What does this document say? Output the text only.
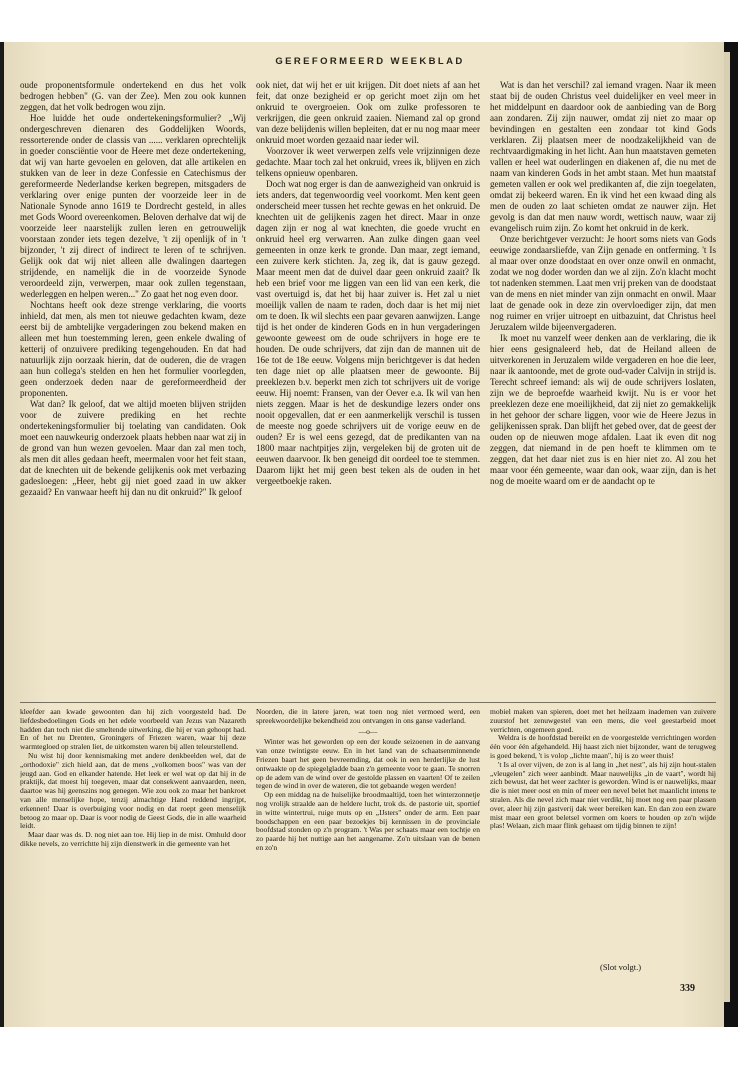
GEREFORMEERD WEEKBLAD

oude proponentsformule ondertekend en dus het volk bedrogen hebben" (G. van der Zee). Men zou ook kunnen zeggen, dat het volk bedrogen wou zijn.

Hoe luidde het oude ondertekeningsformulier? „Wij ondergeschreven dienaren des Goddelijken Woords, ressorterende onder de classis van ...... verklaren oprechtelijk in goeder consciëntie voor de Heere met deze ondertekening, dat wij van harte gevoelen en geloven, dat alle artikelen en stukken van de leer in deze Confessie en Catechismus der gereformeerde Nederlandse kerken begrepen, mitsgaders de verklaring over enige punten der voorzeide leer in de Nationale Synode anno 1619 te Dordrecht gesteld, in alles met Gods Woord overeenkomen. Beloven derhalve dat wij de voorzeide leer naarstelijk zullen leren en getrouwelijk voorstaan zonder iets tegen dezelve, 't zij openlijk of in 't bijzonder, 't zij direct of indirect te leren of te schrijven. Gelijk ook dat wij niet alleen alle dwalingen daartegen strijdende, en namelijk die in de voorzeide Synode veroordeeld zijn, verwerpen, maar ook zullen tegenstaan, wederleggen en helpen weren..." Zo gaat het nog even door.

Nochtans heeft ook deze strenge verklaring, die voorts inhield, dat men, als men tot nieuwe gedachten kwam, deze eerst bij de ambtelijke vergaderingen zou bekend maken en alleen met hun toestemming leren, geen enkele dwaling of ketterij of onzuivere prediking tegengehouden. En dat had natuurlijk zijn oorzaak hierin, dat de ouderen, die de vragen aan hun collega's stelden en hen het formulier voorlegden, geen onderzoek deden naar de gereformeerdheid der proponenten.

Wat dan? Ik geloof, dat we altijd moeten blijven strijden voor de zuivere prediking en het rechte ondertekeningsformulier bij toelating van candidaten. Ook moet een nauwkeurig onderzoek plaats hebben naar wat zij in de grond van hun wezen gevoelen. Maar dan zal men toch, als men dit alles gedaan heeft, meermalen voor het feit staan, dat de knechten uit de bekende gelijkenis ook met verbazing gadesloegen: „Heer, hebt gij niet goed zaad in uw akker gezaaid? En vanwaar heeft hij dan nu dit onkruid?" Ik geloof

ook niet, dat wij het er uit krijgen. Dit doet niets af aan het feit, dat onze bezigheid er op gericht moet zijn om het onkruid te overgroeien. Ook om zulke professoren te verkrijgen, die geen onkruid zaaien. Niemand zal op grond van deze belijdenis willen bepleiten, dat er nu nog maar meer onkruid moet worden gezaaid naar ieder wil.

Voorzover ik weet verwerpen zelfs vele vrijzinnigen deze gedachte. Maar toch zal het onkruid, vrees ik, blijven en zich telkens opnieuw openbaren.

Doch wat nog erger is dan de aanwezigheid van onkruid is iets anders, dat tegenwoordig veel voorkomt. Men kent geen onderscheid meer tussen het rechte gewas en het onkruid. De knechten uit de gelijkenis zagen het direct. Maar in onze dagen zijn er nog al wat knechten, die goede vrucht en onkruid heel erg verwarren. Aan zulke dingen gaan veel gemeenten in onze kerk te gronde. Dan maar, zegt iemand, een zuivere kerk stichten. Ja, zeg ik, dat is gauw gezegd. Maar meent men dat de duivel daar geen onkruid zaait? Ik heb een brief voor me liggen van een lid van een kerk, die vast overtuigd is, dat het bij haar zuiver is. Het zal u niet moeilijk vallen de naam te raden, doch daar is het mij niet om te doen. Ik wil slechts een paar gevaren aanwijzen. Lange tijd is het onder de kinderen Gods en in hun vergaderingen gewoonte geweest om de oude schrijvers in hoge ere te houden. De oude schrijvers, dat zijn dan de mannen uit de 16e tot de 18e eeuw. Volgens mijn berichtgever is dat heden ten dage niet op alle plaatsen meer de gewoonte. Bij preeklezen b.v. beperkt men zich tot schrijvers uit de vorige eeuw. Hij noemt: Fransen, van der Oever e.a. Ik wil van hen niets zeggen. Maar is het de deskundige lezers onder ons nooit opgevallen, dat er een aanmerkelijk verschil is tussen de meeste nog goede schrijvers uit de vorige eeuw en de ouden? Er is wel eens gezegd, dat de predikanten van na 1800 maar nachtpitjes zijn, vergeleken bij de groten uit de eeuwen daarvoor. Ik ben geneigd dit oordeel toe te stemmen. Daarom lijkt het mij geen best teken als de ouden in het vergeetboekje raken.

Wat is dan het verschil? zal iemand vragen. Naar ik meen staat bij de ouden Christus veel duidelijker en veel meer in het middelpunt en daardoor ook de aanbieding van de Borg aan zondaren. Zij zijn nauwer, omdat zij niet zo maar op bevindingen en gestalten een zondaar tot kind Gods verklaren. Zij plaatsen meer de noodzakelijkheid van de rechtvaardigmaking in het licht. Aan hun maatstaven gemeten vallen er heel wat ouderlingen en diakenen af, die nu met de naam van kinderen Gods in het ambt staan. Met hun maatstaf gemeten vallen er ook wel predikanten af, die zijn toegelaten, omdat zij bekeerd waren. En ik vind het een kwaad ding als men de ouden zo laat schieten omdat ze nauwer zijn. Het gevolg is dan dat men nauw wordt, wettisch nauw, waar zij evangelisch ruim zijn. Zo komt het onkruid in de kerk.

Onze berichtgever verzucht: Je hoort soms niets van Gods eeuwige zondaarsliefde, van Zijn genade en ontferming. 't Is al maar over onze doodstaat en over onze onwil en onmacht, zodat we nog doder worden dan we al zijn. Zo'n klacht mocht tot nadenken stemmen. Laat men vrij preken van de doodstaat van de mens en niet minder van zijn onmacht en onwil. Maar laat de genade ook in deze zin overvloediger zijn, dat men nog ruimer en vrijer uitroept en uitbazuint, dat Christus heel Jeruzalem wilde bijeenvergaderen.

Ik moet nu vanzelf weer denken aan de verklaring, die ik hier eens gesignaleerd heb, dat de Heiland alleen de uitverkorenen in Jeruzalem wilde vergaderen en hoe die leer, naar ik aantoonde, met de grote oud-vader Calvijn in strijd is. Terecht schreef iemand: als wij de oude schrijvers loslaten, zijn we de beproefde waarheid kwijt. Nu is er voor het preeklezen deze ene moeilijkheid, dat zij niet zo gemakkelijk in het gehoor der schare liggen, voor wie de Heere Jezus in gelijkenissen sprak. Dan blijft het gebed over, dat de geest der ouden op de nieuwen moge afdalen. Laat ik even dit nog zeggen, dat niemand in de pen hoeft te klimmen om te zeggen, dat het daar niet zus is en hier niet zo. Al zou het maar voor één gemeente, waar dan ook, waar zijn, dan is het nog de moeite waard om er de aandacht op te

kleefder aan kwade gewoonten dan hij zich voorgesteld had. De liefdesbedoelingen Gods en het edele voorbeeld van Jezus van Nazareth hadden dan toch niet die smeltende uitwerking, die hij er van gehoopt had. En of het nu Drenten, Groningers of Friezen waren, waar hij deze warmtegloed op stralen liet, de uitkomsten waren bij allen teleurstellend.

Nu wist hij door kennismaking met andere denkbeelden wel, dat de „orthodoxie" zich hield aan, dat de mens „volkomen boos" was van der jeugd aan. God en elkander hatende. Het leek er wel wat op dat hij in de praktijk, dat moest hij toegeven, maar dat consekwent aanvaarden, neen, daartoe was hij geenszins nog genegen. Wie zou ook zo maar het bankroet van alle menselijke hope, tenzij almachtige Hand reddend ingrijpt, erkennen! Daar is overbuiging voor nodig en dat roept geen menselijk betoog zo maar op. Daar is voor nodig de Geest Gods, die in alle waarheid leidt.

Maar daar was ds. D. nog niet aan toe. Hij liep in de mist. Omhuld door dikke nevels, zo verrichtte hij zijn dienstwerk in die gemeente van het

Noorden, die in latere jaren, wat toen nog niet vermoed werd, een spreekwoordelijke bekendheid zou ontvangen in ons ganse vaderland.

—o—

Winter was het geworden op een der koude seizoenen in de aanvang van onze twintigste eeuw. En in het land van de schaatsenminnende Friezen baart het geen bevreemding, dat ook in een herderlijke de lust ontwaakte op de spiegelgladde baan z'n gemeente voor te gaan. Te snorren op de adem van de wind over de gestolde plassen en vaarten! Of te zeilen tegen de wind in over de wateren, die tot gebaande wegen werden!

Op een middag na de huiselijke broodmaaltijd, toen het winterzonnetje nog vrolijk straalde aan de heldere lucht, trok ds. de pastorie uit, sportief in witte wintertrui, ruige muts op en „IJsters" onder de arm. Een paar boodschappen en een paar bezoekjes bij kennissen in de provinciale boofdstad stonden op z'n program. 't Was per schaats maar een tochtje en zo paarde hij het nuttige aan het aangename. Zo'n uitslaan van de benen en zo'n

mobiel maken van spieren, doet met het heilzaam inademen van zuivere zuurstof het zenuwgestel van een mens, die veel geestarbeid moet verrichten, ongemeen goed.

Weldra is de hoofdstad bereikt en de voorgestelde verrichtingen worden één voor één afgehandeld. Hij haast zich niet bijzonder, want de terugweg is goed bekend, 't is volop „lichte maan", hij is zo weer thuis!

't Is al over vijven, de zon is al lang in „het nest", als hij zijn hout-stalen „vleugelen" zich weer aanbindt. Maar nauwelijks „in de vaart", wordt hij zich bewust, dat het weer zachter is geworden. Wind is er nauwelijks, maar die is niet meer oost en min of meer een nevel belet het maanlicht intens te stralen. Als die nevel zich maar niet verdikt, hij moet nog een paar plassen over, aleer hij zijn gastverij dak weer bereiken kan. En dan zou een zware mist maar een groot beletsel vormen om koers te houden op zo'n wijde plas! Welaan, zich maar flink gehaast om tijdig binnen te zijn!

(Slot volgt.)
339
